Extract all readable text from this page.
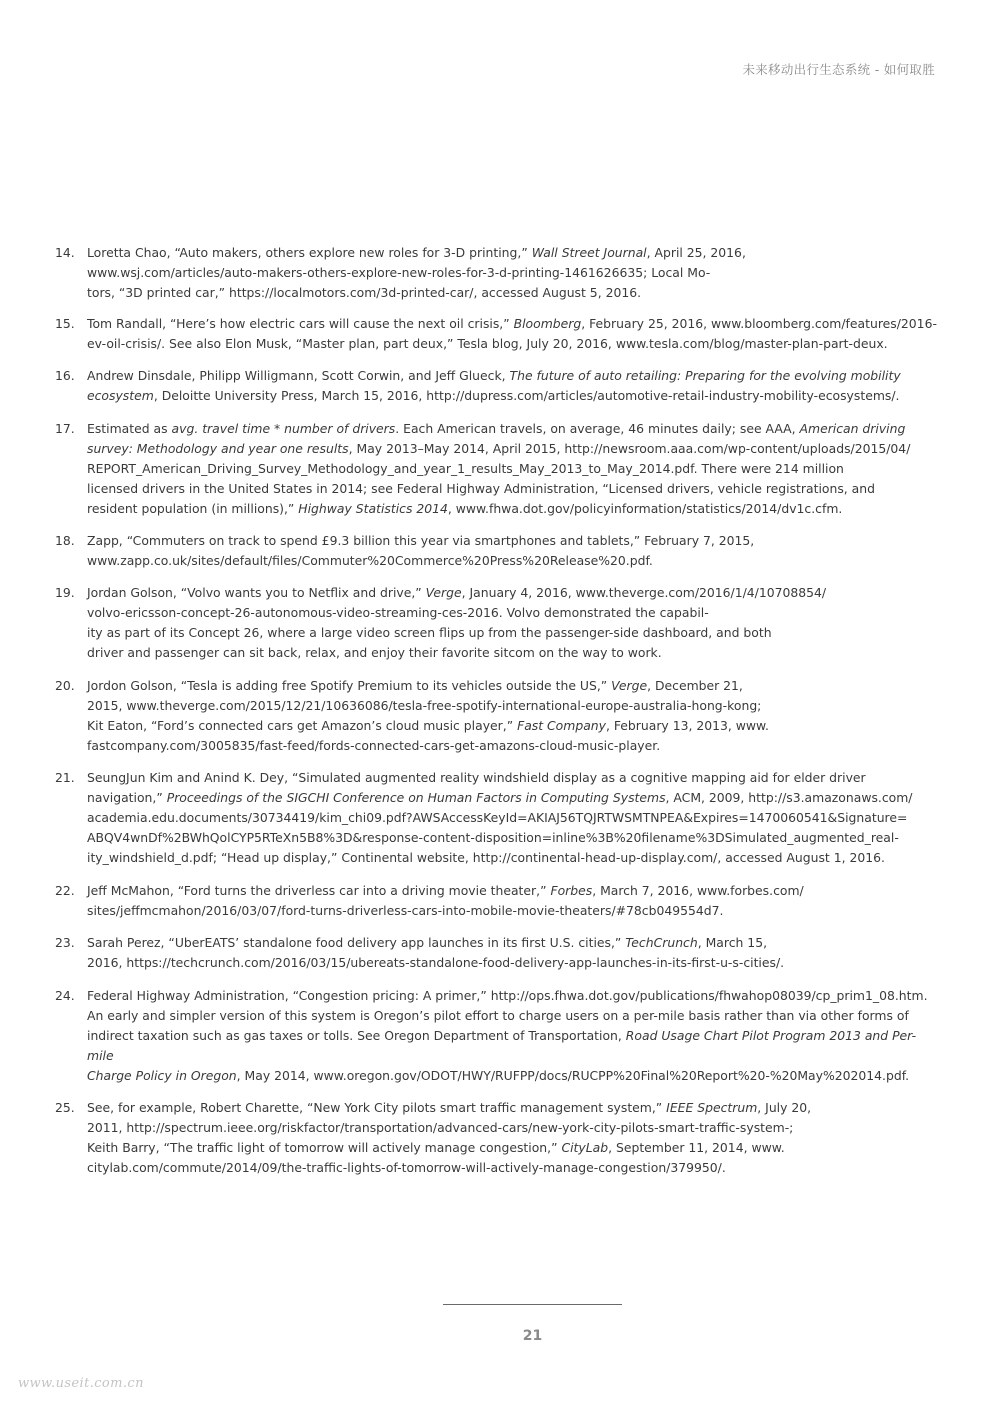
未来移动出行生态系统 - 如何取胜
14. Loretta Chao, “Auto makers, others explore new roles for 3-D printing,” Wall Street Journal, April 25, 2016,
www.wsj.com/articles/auto-makers-others-explore-new-roles-for-3-d-printing-1461626635; Local Mo-
tors, “3D printed car,” https://localmotors.com/3d-printed-car/, accessed August 5, 2016.
15. Tom Randall, “Here’s how electric cars will cause the next oil crisis,” Bloomberg, February 25, 2016, www.bloomberg.com/features/2016-
ev-oil-crisis/. See also Elon Musk, “Master plan, part deux,” Tesla blog, July 20, 2016, www.tesla.com/blog/master-plan-part-deux.
16. Andrew Dinsdale, Philipp Willigmann, Scott Corwin, and Jeff Glueck, The future of auto retailing: Preparing for the evolving mobility
ecosystem, Deloitte University Press, March 15, 2016, http://dupress.com/articles/automotive-retail-industry-mobility-ecosystems/.
17. Estimated as avg. travel time * number of drivers. Each American travels, on average, 46 minutes daily; see AAA, American driving
survey: Methodology and year one results, May 2013–May 2014, April 2015, http://newsroom.aaa.com/wp-content/uploads/2015/04/
REPORT_American_Driving_Survey_Methodology_and_year_1_results_May_2013_to_May_2014.pdf. There were 214 million
licensed drivers in the United States in 2014; see Federal Highway Administration, “Licensed drivers, vehicle registrations, and
resident population (in millions),” Highway Statistics 2014, www.fhwa.dot.gov/policyinformation/statistics/2014/dv1c.cfm.
18. Zapp, “Commuters on track to spend £9.3 billion this year via smartphones and tablets,” February 7, 2015,
www.zapp.co.uk/sites/default/files/Commuter%20Commerce%20Press%20Release%20.pdf.
19. Jordan Golson, “Volvo wants you to Netflix and drive,” Verge, January 4, 2016, www.theverge.com/2016/1/4/10708854/
volvo-ericsson-concept-26-autonomous-video-streaming-ces-2016. Volvo demonstrated the capabil-
ity as part of its Concept 26, where a large video screen flips up from the passenger-side dashboard, and both
driver and passenger can sit back, relax, and enjoy their favorite sitcom on the way to work.
20. Jordon Golson, “Tesla is adding free Spotify Premium to its vehicles outside the US,” Verge, December 21,
2015, www.theverge.com/2015/12/21/10636086/tesla-free-spotify-international-europe-australia-hong-kong;
Kit Eaton, “Ford’s connected cars get Amazon’s cloud music player,” Fast Company, February 13, 2013, www.
fastcompany.com/3005835/fast-feed/fords-connected-cars-get-amazons-cloud-music-player.
21. SeungJun Kim and Anind K. Dey, “Simulated augmented reality windshield display as a cognitive mapping aid for elder driver
navigation,” Proceedings of the SIGCHI Conference on Human Factors in Computing Systems, ACM, 2009, http://s3.amazonaws.com/
academia.edu.documents/30734419/kim_chi09.pdf?AWSAccessKeyId=AKIAJ56TQJRTWSMTNPEA&Expires=1470060541&Signature=
ABQV4wnDf%2BWhQolCYP5RTeXn5B8%3D&response-content-disposition=inline%3B%20filename%3DSimulated_augmented_real-
ity_windshield_d.pdf; “Head up display,” Continental website, http://continental-head-up-display.com/, accessed August 1, 2016.
22. Jeff McMahon, “Ford turns the driverless car into a driving movie theater,” Forbes, March 7, 2016, www.forbes.com/
sites/jeffmcmahon/2016/03/07/ford-turns-driverless-cars-into-mobile-movie-theaters/#78cb049554d7.
23. Sarah Perez, “UberEATS’ standalone food delivery app launches in its first U.S. cities,” TechCrunch, March 15,
2016, https://techcrunch.com/2016/03/15/ubereats-standalone-food-delivery-app-launches-in-its-first-u-s-cities/.
24. Federal Highway Administration, “Congestion pricing: A primer,” http://ops.fhwa.dot.gov/publications/fhwahop08039/cp_prim1_08.htm.
An early and simpler version of this system is Oregon’s pilot effort to charge users on a per-mile basis rather than via other forms of
indirect taxation such as gas taxes or tolls. See Oregon Department of Transportation, Road Usage Chart Pilot Program 2013 and Per-mile
Charge Policy in Oregon, May 2014, www.oregon.gov/ODOT/HWY/RUFPP/docs/RUCPP%20Final%20Report%20-%20May%202014.pdf.
25. See, for example, Robert Charette, “New York City pilots smart traffic management system,” IEEE Spectrum, July 20,
2011, http://spectrum.ieee.org/riskfactor/transportation/advanced-cars/new-york-city-pilots-smart-traffic-system-;
Keith Barry, “The traffic light of tomorrow will actively manage congestion,” CityLab, September 11, 2014, www.
citylab.com/commute/2014/09/the-traffic-lights-of-tomorrow-will-actively-manage-congestion/379950/.
21
www.useit.com.cn
